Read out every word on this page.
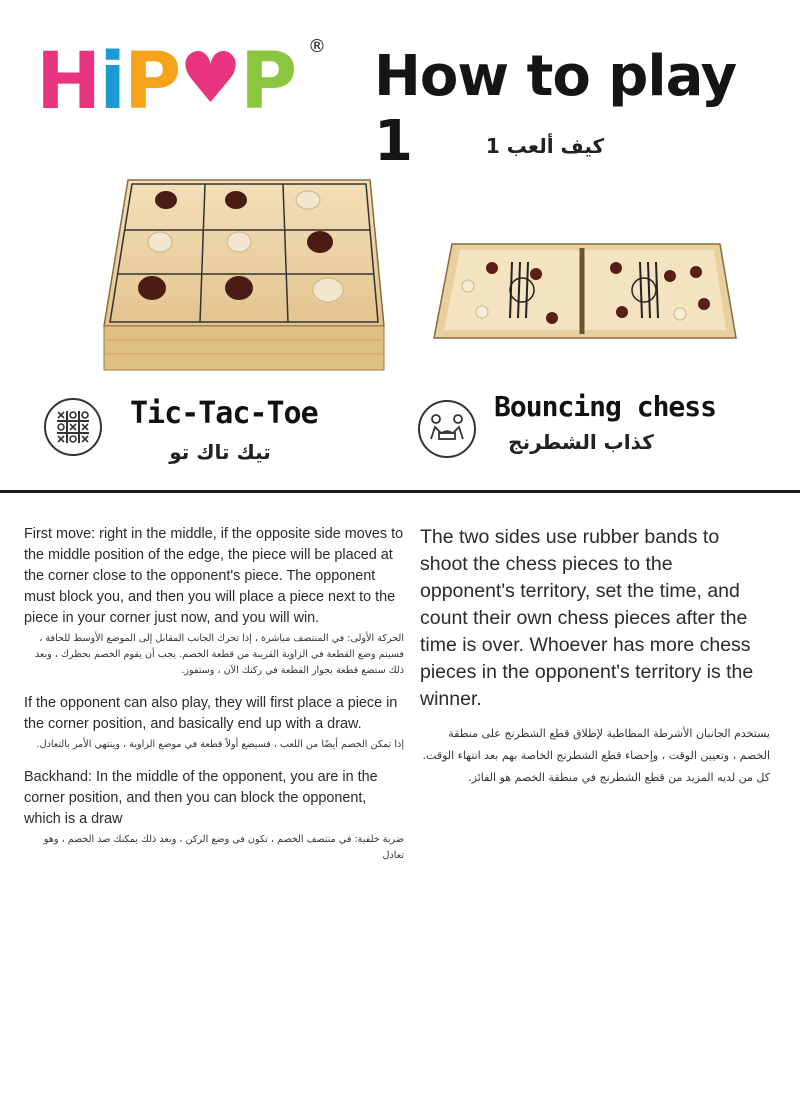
H i P ♥ P ® How to play 1	كيف ألعب 1
Tic-Tac-Toe
تيك تاك تو
Bouncing chess
كذاب الشطرنج

First move: right in the middle, if the opposite side moves to the middle position of the edge, the piece will be placed at the corner close to the opponent's piece. The opponent must block you, and then you will place a piece next to the piece in your corner just now, and you will win.

الحركة الأولى: في المنتصف مباشرة ، إذا تحرك الجانب المقابل إلى الموضع الأوسط للحافة ، فسيتم وضع القطعة في الزاوية القريبة من قطعة الخصم. يجب أن يقوم الخصم بحظرك ، وبعد ذلك ستضع قطعة بجوار القطعة في ركنك الآن ، وستفوز.

If the opponent can also play, they will first place a piece in the corner position, and basically end up with a draw.

إذا تمكن الخصم أيضًا من اللعب ، فسيضع أولاً قطعة في موضع الزاوية ، وينتهي الأمر بالتعادل.

Backhand: In the middle of the opponent, you are in the corner position, and then you can block the opponent, which is a draw

ضربة خلفية: في منتصف الخصم ، تكون في وضع الركن ، وبعد ذلك يمكنك صد الخصم ، وهو تعادل

The two sides use rubber bands to shoot the chess pieces to the opponent's territory, set the time, and count their own chess pieces after the time is over. Whoever has more chess pieces in the opponent's territory is the winner.

يستخدم الجانبان الأشرطة المطاطية لإطلاق قطع الشطرنج على منطقة الخصم ، وتعيين الوقت ، وإحصاء قطع الشطرنج الخاصة بهم بعد انتهاء الوقت. كل من لديه المزيد من قطع الشطرنج في منطقة الخصم هو الفائز.
